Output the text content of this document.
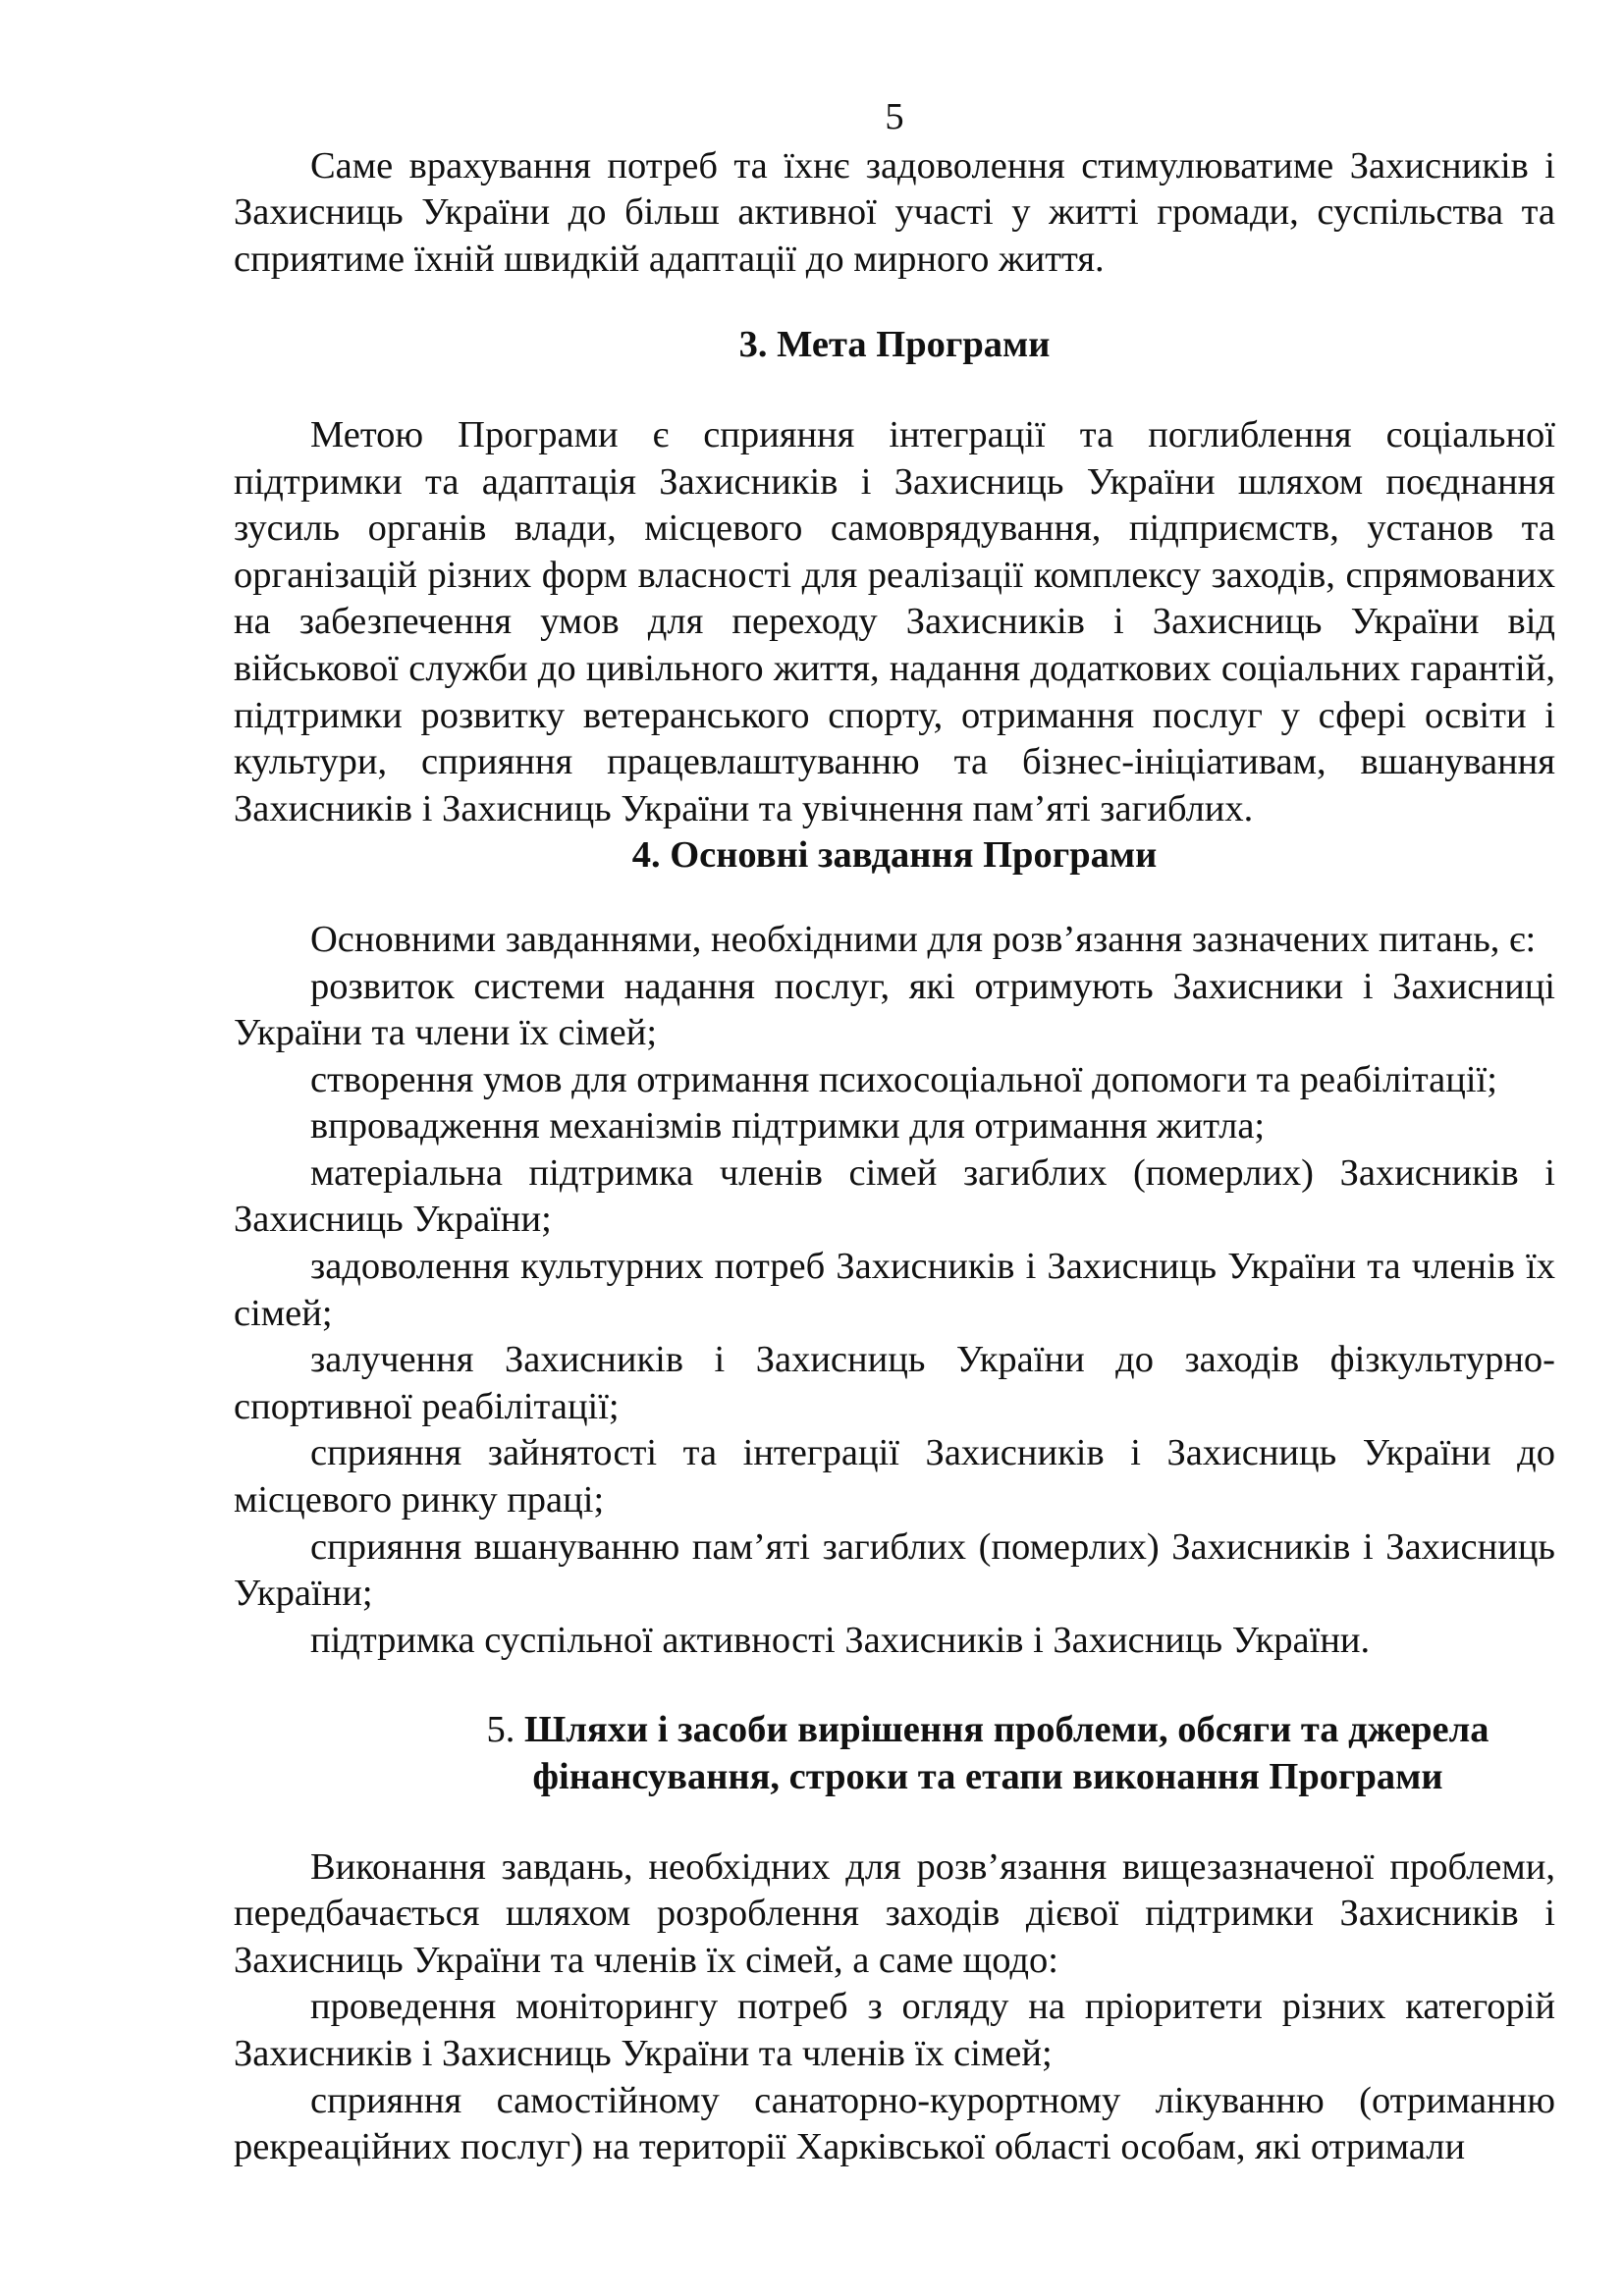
5

Саме врахування потреб та їхнє задоволення стимулюватиме Захисників і Захисниць України до більш активної участі у житті громади, суспільства та сприятиме їхній швидкій адаптації до мирного життя.

3. Мета Програми

Метою Програми є сприяння інтеграції та поглиблення соціальної підтримки та адаптація Захисників і Захисниць України шляхом поєднання зусиль органів влади, місцевого самоврядування, підприємств, установ та організацій різних форм власності для реалізації комплексу заходів, спрямованих на забезпечення умов для переходу Захисників і Захисниць України від військової служби до цивільного життя, надання додаткових соціальних гарантій, підтримки розвитку ветеранського спорту, отримання послуг у сфері освіти і культури, сприяння працевлаштуванню та бізнес-ініціативам, вшанування Захисників і Захисниць України та увічнення пам’яті загиблих.

4. Основні завдання Програми

Основними завданнями, необхідними для розв’язання зазначених питань, є:

розвиток системи надання послуг, які отримують Захисники і Захисниці України та члени їх сімей;

створення умов для отримання психосоціальної допомоги та реабілітації;

впровадження механізмів підтримки для отримання житла;

матеріальна підтримка членів сімей загиблих (померлих) Захисників і Захисниць України;

задоволення культурних потреб Захисників і Захисниць України та членів їх сімей;

залучення Захисників і Захисниць України до заходів фізкультурно-спортивної реабілітації;

сприяння зайнятості та інтеграції Захисників і Захисниць України до місцевого ринку праці;

сприяння вшануванню пам’яті загиблих (померлих) Захисників і Захисниць України;

підтримка суспільної активності Захисників і Захисниць України.

5. Шляхи і засоби вирішення проблеми, обсяги та джерела
фінансування, строки та етапи виконання Програми

Виконання завдань, необхідних для розв’язання вищезазначеної проблеми, передбачається шляхом розроблення заходів дієвої підтримки Захисників і Захисниць України та членів їх сімей, а саме щодо:

проведення моніторингу потреб з огляду на пріоритети різних категорій Захисників і Захисниць України та членів їх сімей;

сприяння самостійному санаторно-курортному лікуванню (отриманню рекреаційних послуг) на території Харківської області особам, які отримали
